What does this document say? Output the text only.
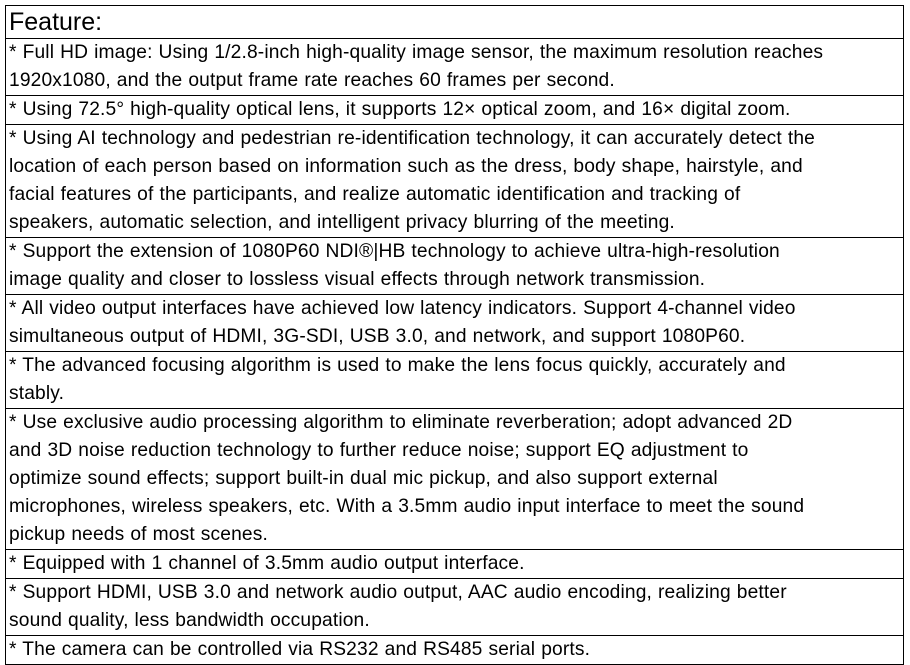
Feature:

* Full HD image: Using 1/2.8-inch high-quality image sensor, the maximum resolution reaches
1920x1080, and the output frame rate reaches 60 frames per second.

* Using 72.5° high-quality optical lens, it supports 12× optical zoom, and 16× digital zoom.

* Using AI technology and pedestrian re-identification technology, it can accurately detect the
location of each person based on information such as the dress, body shape, hairstyle, and
facial features of the participants, and realize automatic identification and tracking of
speakers, automatic selection, and intelligent privacy blurring of the meeting.

* Support the extension of 1080P60 NDI®|HB technology to achieve ultra-high-resolution
image quality and closer to lossless visual effects through network transmission.

* All video output interfaces have achieved low latency indicators. Support 4-channel video
simultaneous output of HDMI, 3G-SDI, USB 3.0, and network, and support 1080P60.

* The advanced focusing algorithm is used to make the lens focus quickly, accurately and
stably.

* Use exclusive audio processing algorithm to eliminate reverberation; adopt advanced 2D
and 3D noise reduction technology to further reduce noise; support EQ adjustment to
optimize sound effects; support built-in dual mic pickup, and also support external
microphones, wireless speakers, etc. With a 3.5mm audio input interface to meet the sound
pickup needs of most scenes.

* Equipped with 1 channel of 3.5mm audio output interface.

* Support HDMI, USB 3.0 and network audio output, AAC audio encoding, realizing better
sound quality, less bandwidth occupation.

* The camera can be controlled via RS232 and RS485 serial ports.
